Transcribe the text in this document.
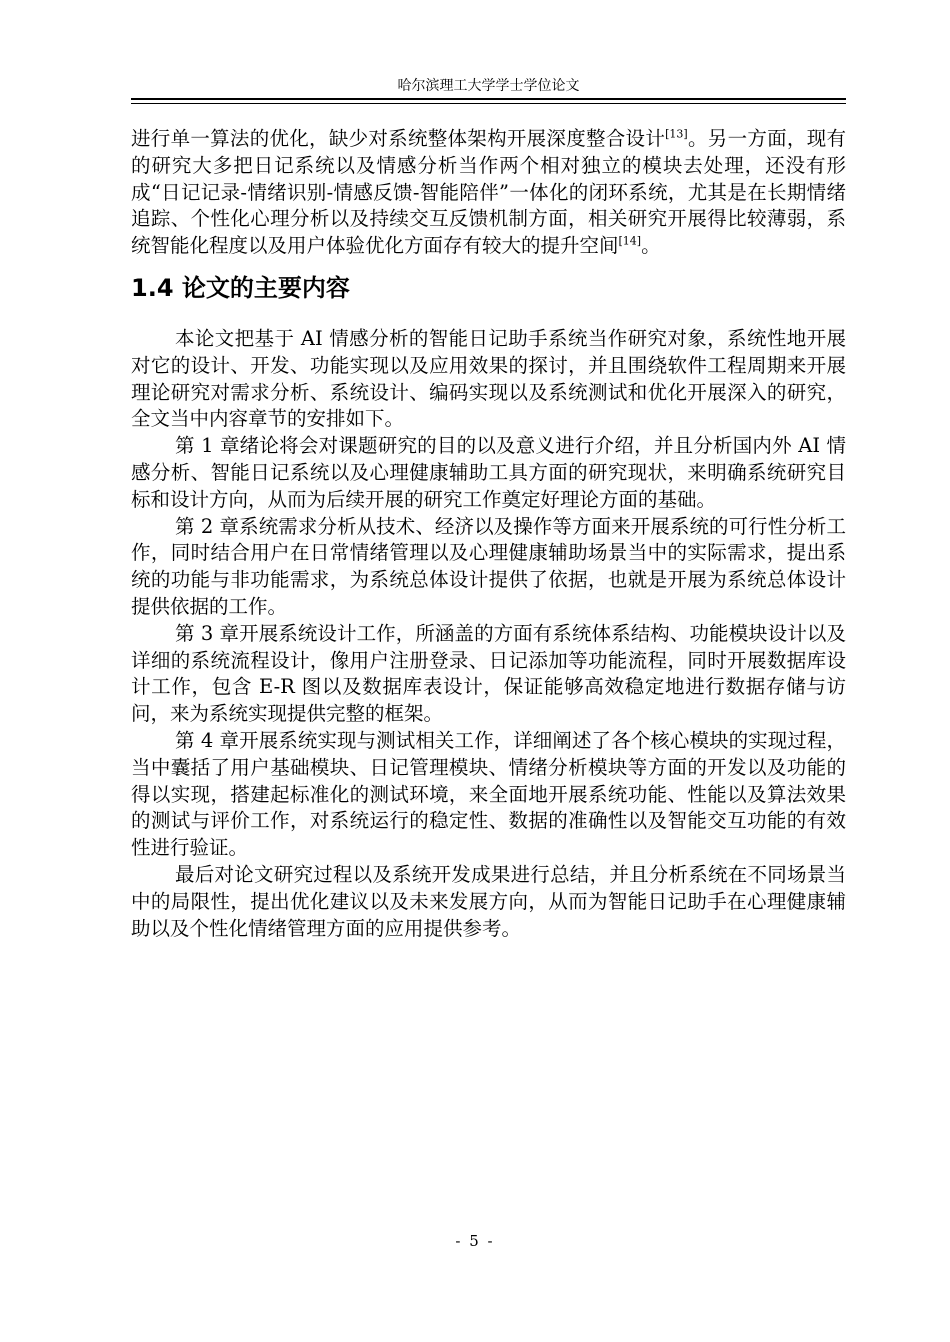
哈尔滨理工大学学士学位论文

进行单一算法的优化，缺少对系统整体架构开展深度整合设计[13]。另一方面，现有的研究大多把日记系统以及情感分析当作两个相对独立的模块去处理，还没有形成“日记记录-情绪识别-情感反馈-智能陪伴”一体化的闭环系统，尤其是在长期情绪追踪、个性化心理分析以及持续交互反馈机制方面，相关研究开展得比较薄弱，系统智能化程度以及用户体验优化方面存有较大的提升空间[14]。

1.4 论文的主要内容

本论文把基于 AI 情感分析的智能日记助手系统当作研究对象，系统性地开展对它的设计、开发、功能实现以及应用效果的探讨，并且围绕软件工程周期来开展理论研究对需求分析、系统设计、编码实现以及系统测试和优化开展深入的研究，全文当中内容章节的安排如下。

第 1 章绪论将会对课题研究的目的以及意义进行介绍，并且分析国内外 AI 情感分析、智能日记系统以及心理健康辅助工具方面的研究现状，来明确系统研究目标和设计方向，从而为后续开展的研究工作奠定好理论方面的基础。

第 2 章系统需求分析从技术、经济以及操作等方面来开展系统的可行性分析工作，同时结合用户在日常情绪管理以及心理健康辅助场景当中的实际需求，提出系统的功能与非功能需求，为系统总体设计提供了依据，也就是开展为系统总体设计提供依据的工作。

第 3 章开展系统设计工作，所涵盖的方面有系统体系结构、功能模块设计以及详细的系统流程设计，像用户注册登录、日记添加等功能流程，同时开展数据库设计工作，包含 E-R 图以及数据库表设计，保证能够高效稳定地进行数据存储与访问，来为系统实现提供完整的框架。

第 4 章开展系统实现与测试相关工作，详细阐述了各个核心模块的实现过程，当中囊括了用户基础模块、日记管理模块、情绪分析模块等方面的开发以及功能的得以实现，搭建起标准化的测试环境，来全面地开展系统功能、性能以及算法效果的测试与评价工作，对系统运行的稳定性、数据的准确性以及智能交互功能的有效性进行验证。

最后对论文研究过程以及系统开发成果进行总结，并且分析系统在不同场景当中的局限性，提出优化建议以及未来发展方向，从而为智能日记助手在心理健康辅助以及个性化情绪管理方面的应用提供参考。

- 5 -
